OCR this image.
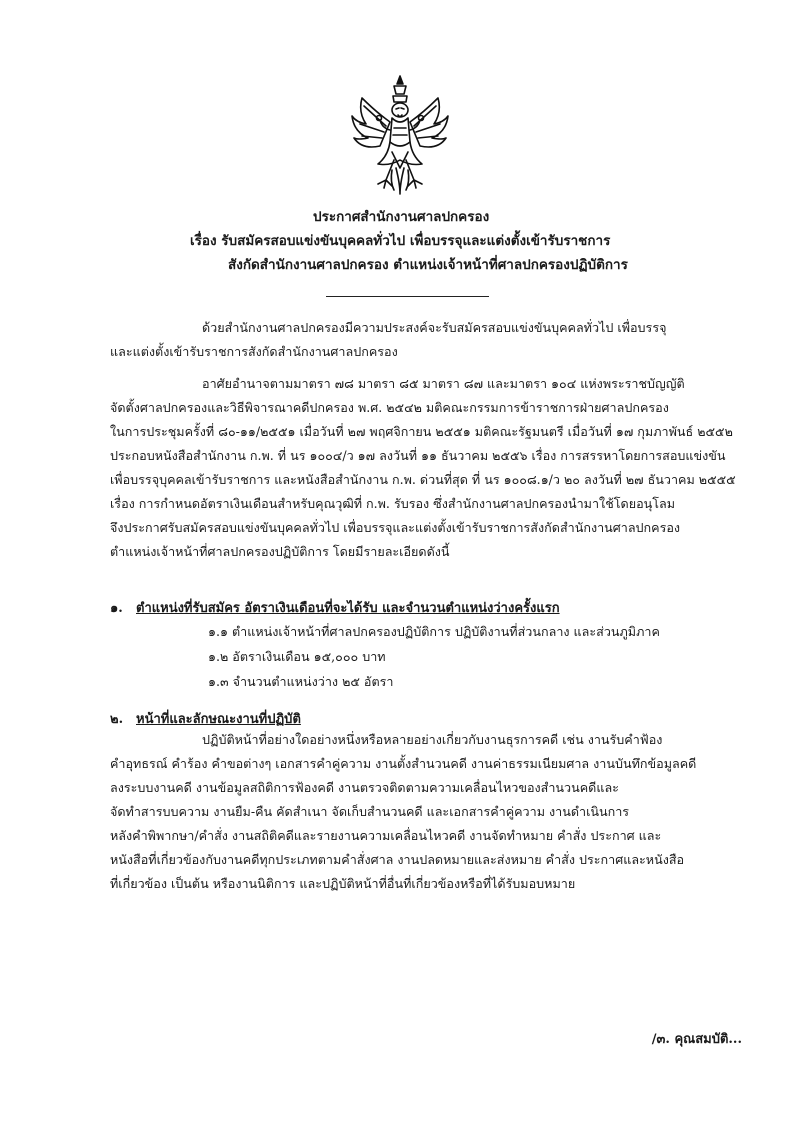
ประกาศสำนักงานศาลปกครอง
เรื่อง รับสมัครสอบแข่งขันบุคคลทั่วไป เพื่อบรรจุและแต่งตั้งเข้ารับราชการ
สังกัดสำนักงานศาลปกครอง ตำแหน่งเจ้าหน้าที่ศาลปกครองปฏิบัติการ
ด้วยสำนักงานศาลปกครองมีความประสงค์จะรับสมัครสอบแข่งขันบุคคลทั่วไป เพื่อบรรจุ
และแต่งตั้งเข้ารับราชการสังกัดสำนักงานศาลปกครอง
อาศัยอำนาจตามมาตรา ๗๘ มาตรา ๘๕ มาตรา ๘๗ และมาตรา ๑๐๔ แห่งพระราชบัญญัติ
จัดตั้งศาลปกครองและวิธีพิจารณาคดีปกครอง พ.ศ. ๒๕๔๒ มติคณะกรรมการข้าราชการฝ่ายศาลปกครอง
ในการประชุมครั้งที่ ๘๐-๑๑/๒๕๕๑ เมื่อวันที่ ๒๗ พฤศจิกายน ๒๕๕๑ มติคณะรัฐมนตรี เมื่อวันที่ ๑๗ กุมภาพันธ์ ๒๕๕๒
ประกอบหนังสือสำนักงาน ก.พ. ที่ นร ๑๐๐๔/ว ๑๗ ลงวันที่ ๑๑ ธันวาคม ๒๕๕๖ เรื่อง การสรรหาโดยการสอบแข่งขัน
เพื่อบรรจุบุคคลเข้ารับราชการ และหนังสือสำนักงาน ก.พ. ด่วนที่สุด ที่ นร ๑๐๐๘.๑/ว ๒๐ ลงวันที่ ๒๗ ธันวาคม ๒๕๕๕
เรื่อง การกำหนดอัตราเงินเดือนสำหรับคุณวุฒิที่ ก.พ. รับรอง ซึ่งสำนักงานศาลปกครองนำมาใช้โดยอนุโลม
จึงประกาศรับสมัครสอบแข่งขันบุคคลทั่วไป เพื่อบรรจุและแต่งตั้งเข้ารับราชการสังกัดสำนักงานศาลปกครอง
ตำแหน่งเจ้าหน้าที่ศาลปกครองปฏิบัติการ โดยมีรายละเอียดดังนี้
๑. ตำแหน่งที่รับสมัคร อัตราเงินเดือนที่จะได้รับ และจำนวนตำแหน่งว่างครั้งแรก
๑.๑ ตำแหน่งเจ้าหน้าที่ศาลปกครองปฏิบัติการ ปฏิบัติงานที่ส่วนกลาง และส่วนภูมิภาค
๑.๒ อัตราเงินเดือน ๑๕,๐๐๐ บาท
๑.๓ จำนวนตำแหน่งว่าง ๒๕ อัตรา
๒. หน้าที่และลักษณะงานที่ปฏิบัติ
ปฏิบัติหน้าที่อย่างใดอย่างหนึ่งหรือหลายอย่างเกี่ยวกับงานธุรการคดี เช่น งานรับคำฟ้อง
คำอุทธรณ์ คำร้อง คำขอต่างๆ เอกสารคำคู่ความ งานตั้งสำนวนคดี งานค่าธรรมเนียมศาล งานบันทึกข้อมูลคดี
ลงระบบงานคดี งานข้อมูลสถิติการฟ้องคดี งานตรวจติดตามความเคลื่อนไหวของสำนวนคดีและ
จัดทำสารบบความ งานยืม-คืน คัดสำเนา จัดเก็บสำนวนคดี และเอกสารคำคู่ความ งานดำเนินการ
หลังคำพิพากษา/คำสั่ง งานสถิติคดีและรายงานความเคลื่อนไหวคดี งานจัดทำหมาย คำสั่ง ประกาศ และ
หนังสือที่เกี่ยวข้องกับงานคดีทุกประเภทตามคำสั่งศาล งานปลดหมายและส่งหมาย คำสั่ง ประกาศและหนังสือ
ที่เกี่ยวข้อง เป็นต้น หรืองานนิติการ และปฏิบัติหน้าที่อื่นที่เกี่ยวข้องหรือที่ได้รับมอบหมาย
/๓. คุณสมบัติ...
